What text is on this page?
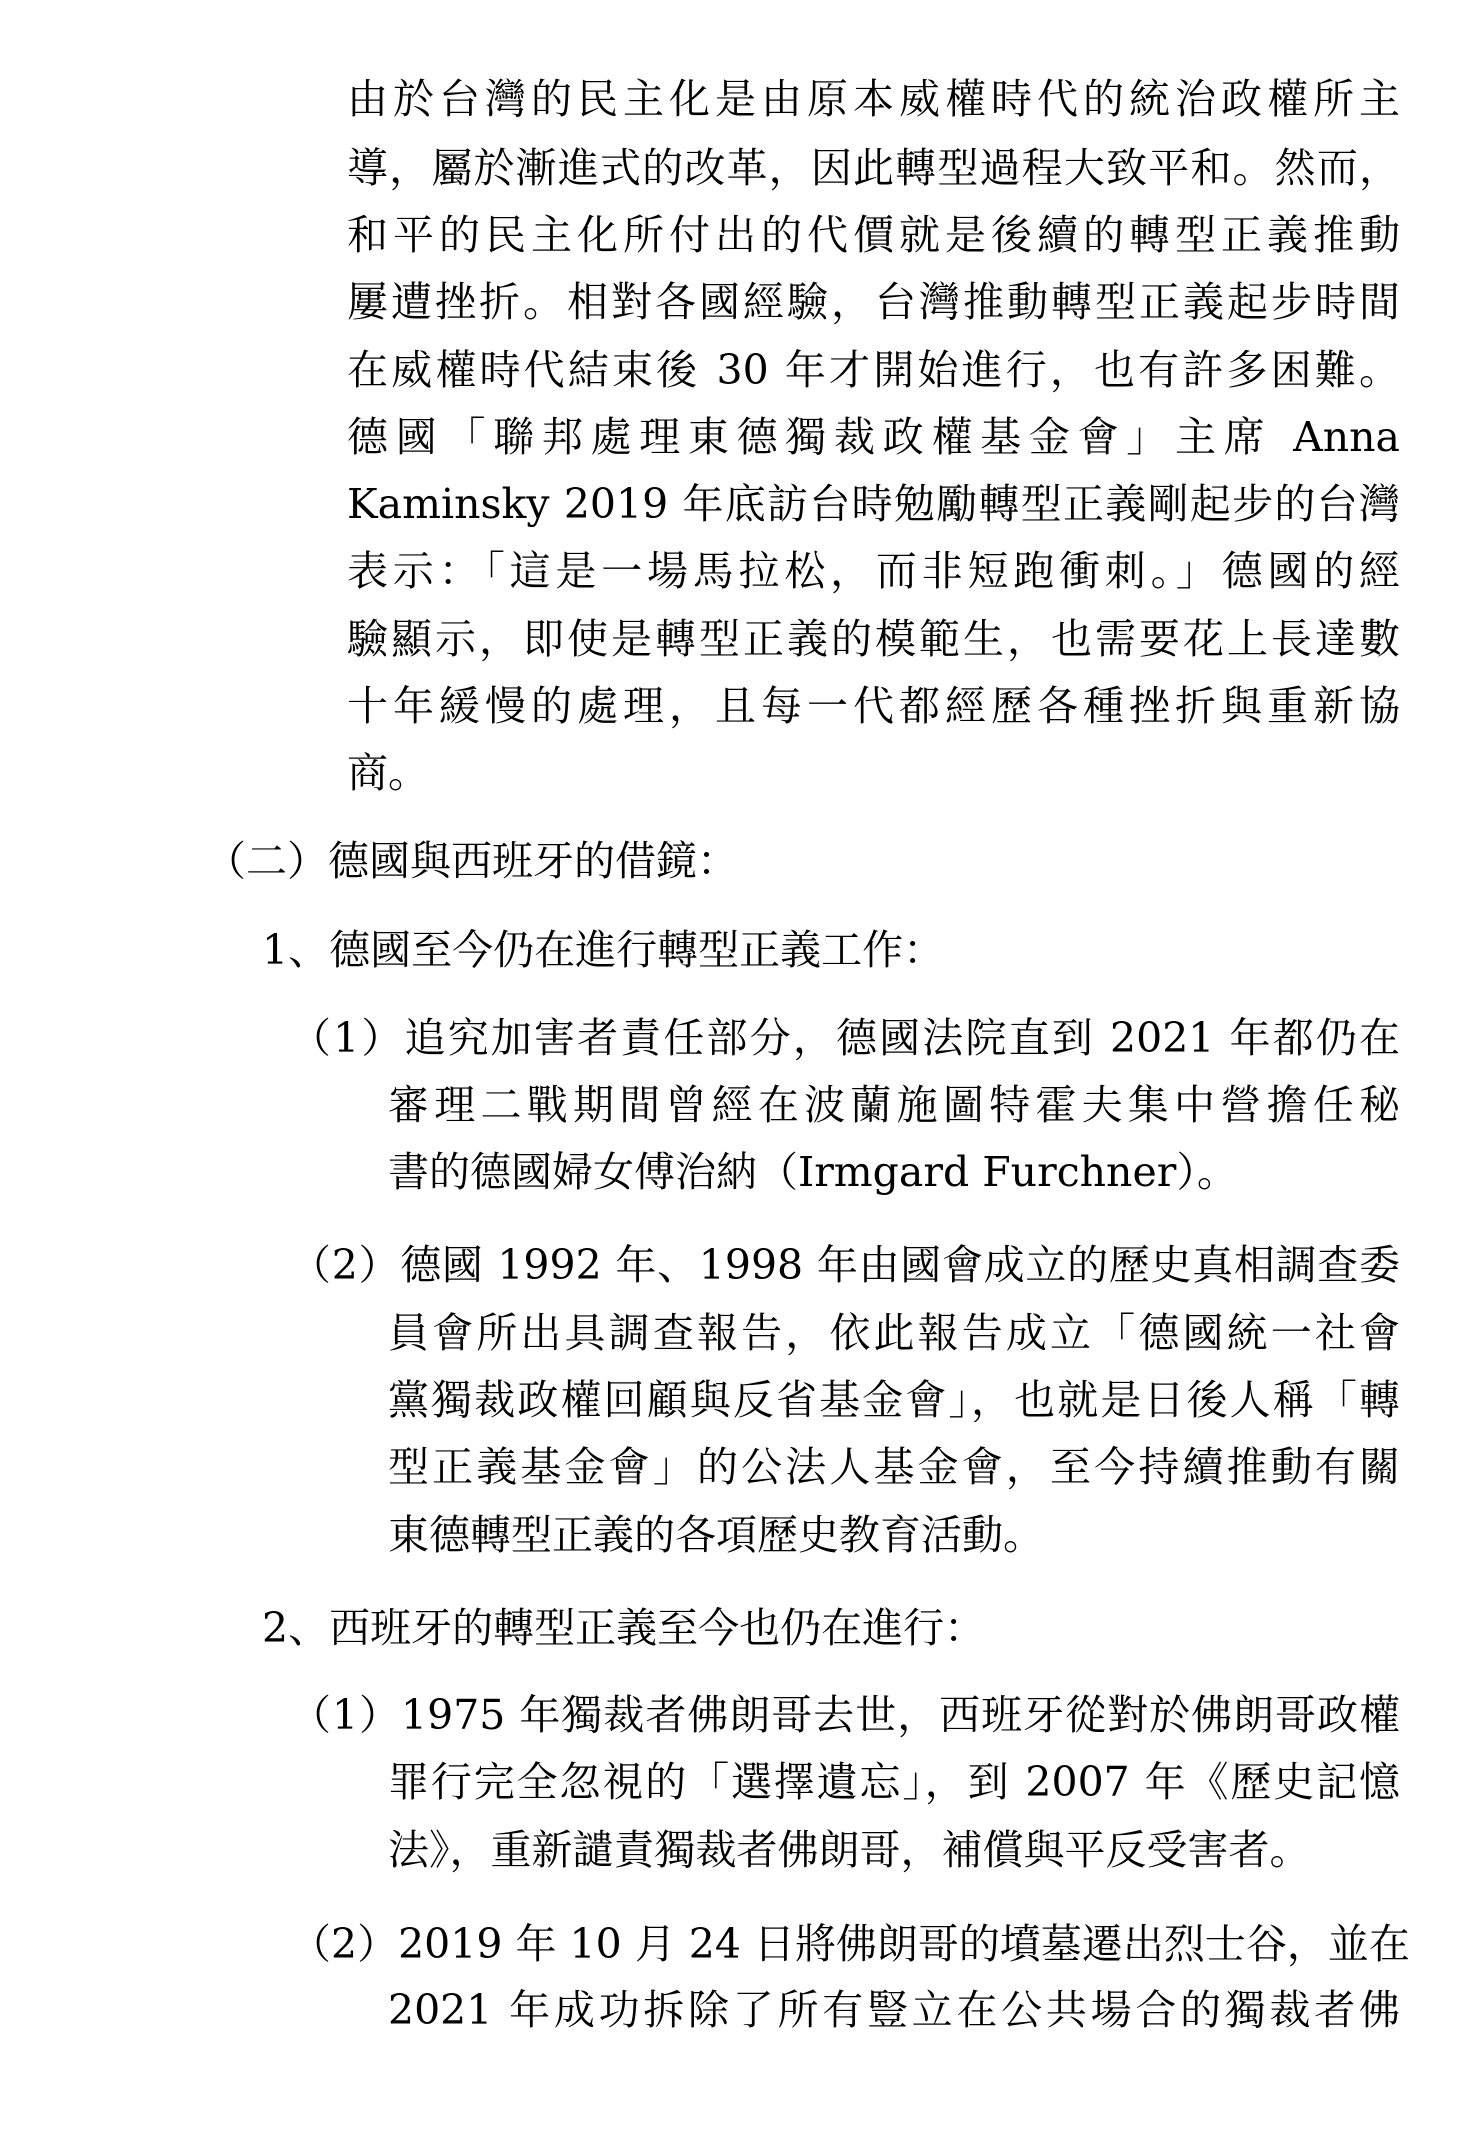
由於台灣的民主化是由原本威權時代的統治政權所主
導，屬於漸進式的改革，因此轉型過程大致平和。然而，
和平的民主化所付出的代價就是後續的轉型正義推動
屢遭挫折。相對各國經驗，台灣推動轉型正義起步時間
在威權時代結束後 30 年才開始進行，也有許多困難。
德國「聯邦處理東德獨裁政權基金會」主席 Anna
Kaminsky 2019 年底訪台時勉勵轉型正義剛起步的台灣
表示：「這是一場馬拉松，而非短跑衝刺。」德國的經
驗顯示，即使是轉型正義的模範生，也需要花上長達數
十年緩慢的處理，且每一代都經歷各種挫折與重新協
商。
（二）德國與西班牙的借鏡：
1、德國至今仍在進行轉型正義工作：
（1）追究加害者責任部分，德國法院直到 2021 年都仍在
審理二戰期間曾經在波蘭施圖特霍夫集中營擔任秘
書的德國婦女傅治納（Irmgard Furchner）。
（2）德國 1992 年、1998 年由國會成立的歷史真相調查委
員會所出具調查報告，依此報告成立「德國統一社會
黨獨裁政權回顧與反省基金會」，也就是日後人稱「轉
型正義基金會」的公法人基金會，至今持續推動有關
東德轉型正義的各項歷史教育活動。
2、西班牙的轉型正義至今也仍在進行：
（1）1975 年獨裁者佛朗哥去世，西班牙從對於佛朗哥政權
罪行完全忽視的「選擇遺忘」，到 2007 年《歷史記憶
法》，重新譴責獨裁者佛朗哥，補償與平反受害者。
（2）2019 年 10 月 24 日將佛朗哥的墳墓遷出烈士谷，並在
2021 年成功拆除了所有豎立在公共場合的獨裁者佛
